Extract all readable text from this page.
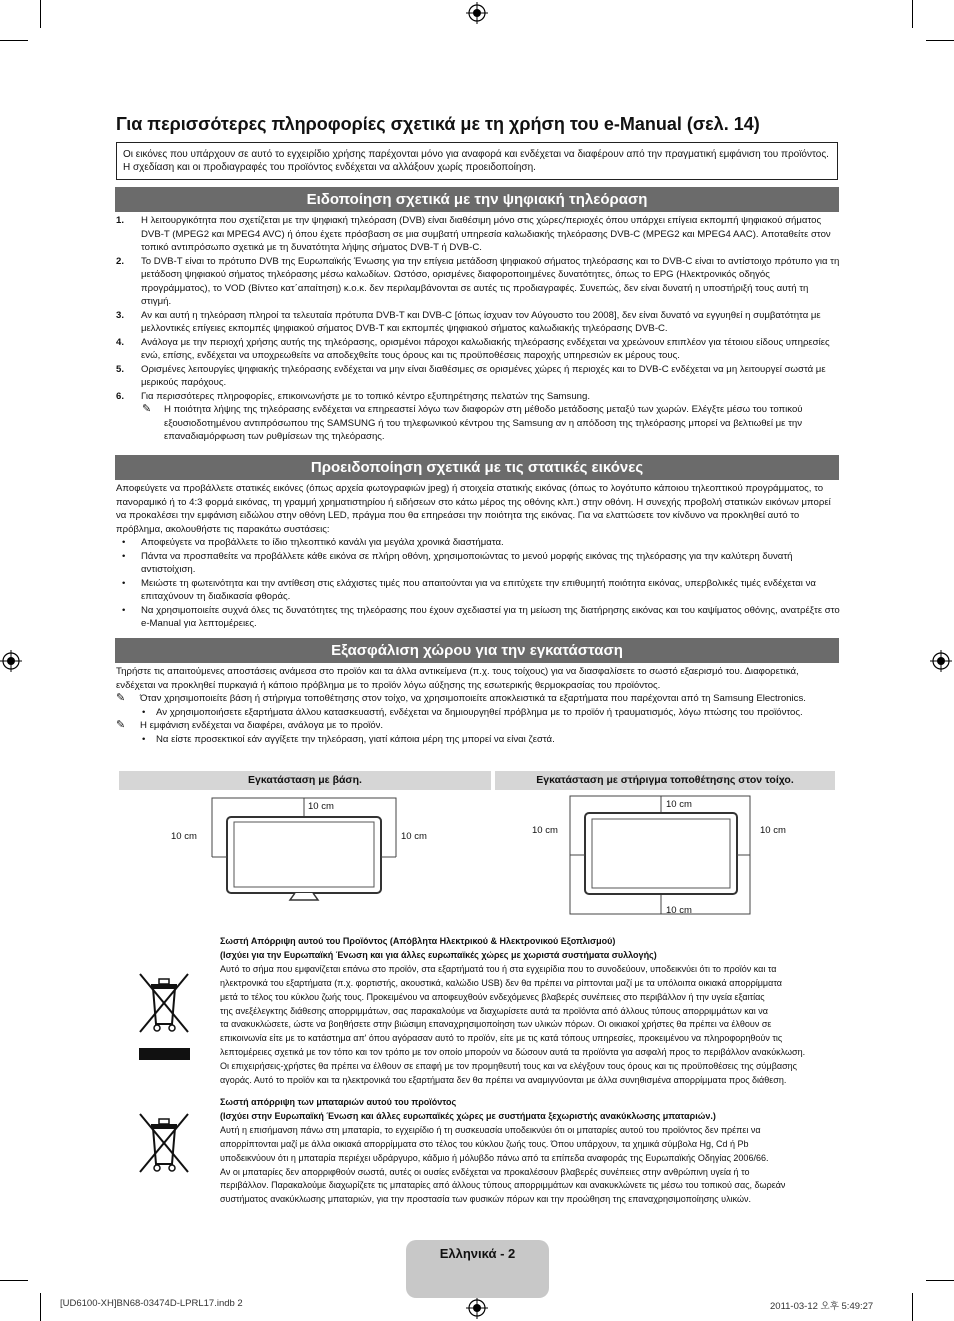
Για περισσότερες πληροφορίες σχετικά με τη χρήση του e-Manual (σελ. 14)
Οι εικόνες που υπάρχουν σε αυτό το εγχειρίδιο χρήσης παρέχονται μόνο για αναφορά και ενδέχεται να διαφέρουν από την πραγματική εμφάνιση του προϊόντος. Η σχεδίαση και οι προδιαγραφές του προϊόντος ενδέχεται να αλλάξουν χωρίς προειδοποίηση.
Ειδοποίηση σχετικά με την ψηφιακή τηλεόραση
1. Η λειτουργικότητα που σχετίζεται με την ψηφιακή τηλεόραση (DVB) είναι διαθέσιμη μόνο στις χώρες/περιοχές όπου υπάρχει επίγεια εκπομπή ψηφιακού σήματος DVB-T (MPEG2 και MPEG4 AVC) ή όπου έχετε πρόσβαση σε μια συμβατή υπηρεσία καλωδιακής τηλεόρασης DVB-C (MPEG2 και MPEG4 AAC). Αποταθείτε στον τοπικό αντιπρόσωπο σχετικά με τη δυνατότητα λήψης σήματος DVB-T ή DVB-C.
2. Το DVB-T είναι το πρότυπο DVB της Ευρωπαϊκής Ένωσης για την επίγεια μετάδοση ψηφιακού σήματος τηλεόρασης και το DVB-C είναι το αντίστοιχο πρότυπο για τη μετάδοση ψηφιακού σήματος τηλεόρασης μέσω καλωδίων. Ωστόσο, ορισμένες διαφοροποιημένες δυνατότητες, όπως το EPG (Ηλεκτρονικός οδηγός προγράμματος), το VOD (Βίντεο κατ΄απαίτηση) κ.ο.κ. δεν περιλαμβάνονται σε αυτές τις προδιαγραφές. Συνεπώς, δεν είναι δυνατή η υποστήριξή τους αυτή τη στιγμή.
3. Αν και αυτή η τηλεόραση πληροί τα τελευταία πρότυπα DVB-T και DVB-C [όπως ίσχυαν τον Αύγουστο του 2008], δεν είναι δυνατό να εγγυηθεί η συμβατότητα με μελλοντικές επίγειες εκπομπές ψηφιακού σήματος DVB-T και εκπομπές ψηφιακού σήματος καλωδιακής τηλεόρασης DVB-C.
4. Ανάλογα με την περιοχή χρήσης αυτής της τηλεόρασης, ορισμένοι πάροχοι καλωδιακής τηλεόρασης ενδέχεται να χρεώνουν επιπλέον για τέτοιου είδους υπηρεσίες ενώ, επίσης, ενδέχεται να υποχρεωθείτε να αποδεχθείτε τους όρους και τις προϋποθέσεις παροχής υπηρεσιών εκ μέρους τους.
5. Ορισμένες λειτουργίες ψηφιακής τηλεόρασης ενδέχεται να μην είναι διαθέσιμες σε ορισμένες χώρες ή περιοχές και το DVB-C ενδέχεται να μη λειτουργεί σωστά με μερικούς παρόχους.
6. Για περισσότερες πληροφορίες, επικοινωνήστε με το τοπικό κέντρο εξυπηρέτησης πελατών της Samsung.
✎ Η ποιότητα λήψης της τηλεόρασης ενδέχεται να επηρεαστεί λόγω των διαφορών στη μέθοδο μετάδοσης μεταξύ των χωρών. Ελέγξτε μέσω του τοπικού εξουσιοδοτημένου αντιπρόσωπου της SAMSUNG ή του τηλεφωνικού κέντρου της Samsung αν η απόδοση της τηλεόρασης μπορεί να βελτιωθεί με την επαναδιαμόρφωση των ρυθμίσεων της τηλεόρασης.
Προειδοποίηση σχετικά με τις στατικές εικόνες
Αποφεύγετε να προβάλλετε στατικές εικόνες (όπως αρχεία φωτογραφιών jpeg) ή στοιχεία στατικής εικόνας (όπως το λογότυπο κάποιου τηλεοπτικού προγράμματος, το πανοραμικό ή το 4:3 φορμά εικόνας, τη γραμμή χρηματιστηρίου ή ειδήσεων στο κάτω μέρος της οθόνης κλπ.) στην οθόνη. Η συνεχής προβολή στατικών εικόνων μπορεί να προκαλέσει την εμφάνιση ειδώλου στην οθόνη LED, πράγμα που θα επηρεάσει την ποιότητα της εικόνας. Για να ελαττώσετε τον κίνδυνο να προκληθεί αυτό το πρόβλημα, ακολουθήστε τις παρακάτω συστάσεις:
• Αποφεύγετε να προβάλλετε το ίδιο τηλεοπτικό κανάλι για μεγάλα χρονικά διαστήματα.
• Πάντα να προσπαθείτε να προβάλλετε κάθε εικόνα σε πλήρη οθόνη, χρησιμοποιώντας το μενού μορφής εικόνας της τηλεόρασης για την καλύτερη δυνατή αντιστοίχιση.
• Μειώστε τη φωτεινότητα και την αντίθεση στις ελάχιστες τιμές που απαιτούνται για να επιτύχετε την επιθυμητή ποιότητα εικόνας, υπερβολικές τιμές ενδέχεται να επιταχύνουν τη διαδικασία φθοράς.
• Να χρησιμοποιείτε συχνά όλες τις δυνατότητες της τηλεόρασης που έχουν σχεδιαστεί για τη μείωση της διατήρησης εικόνας και του καψίματος οθόνης, ανατρέξτε στο e-Manual για λεπτομέρειες.
Εξασφάλιση χώρου για την εγκατάσταση
Τηρήστε τις απαιτούμενες αποστάσεις ανάμεσα στο προϊόν και τα άλλα αντικείμενα (π.χ. τους τοίχους) για να διασφαλίσετε το σωστό εξαερισμό του. Διαφορετικά, ενδέχεται να προκληθεί πυρκαγιά ή κάποιο πρόβλημα με το προϊόν λόγω αύξησης της εσωτερικής θερμοκρασίας του προϊόντος.
✎ Όταν χρησιμοποιείτε βάση ή στήριγμα τοποθέτησης στον τοίχο, να χρησιμοποιείτε αποκλειστικά τα εξαρτήματα που παρέχονται από τη Samsung Electronics.
• Αν χρησιμοποιήσετε εξαρτήματα άλλου κατασκευαστή, ενδέχεται να δημιουργηθεί πρόβλημα με το προϊόν ή τραυματισμός, λόγω πτώσης του προϊόντος.
✎ Η εμφάνιση ενδέχεται να διαφέρει, ανάλογα με το προϊόν.
• Να είστε προσεκτικοί εάν αγγίξετε την τηλεόραση, γιατί κάποια μέρη της μπορεί να είναι ζεστά.
Εγκατάσταση με βάση.	Εγκατάσταση με στήριγμα τοποθέτησης στον τοίχο.
10 cm
10 cm	10 cm
10 cm
10 cm	10 cm
10 cm
Σωστή Απόρριψη αυτού του Προϊόντος (Απόβλητα Ηλεκτρικού & Ηλεκτρονικού Εξοπλισμού)
(Ισχύει για την Ευρωπαϊκή Ένωση και για άλλες ευρωπαϊκές χώρες με χωριστά συστήματα συλλογής)
Αυτό το σήμα που εμφανίζεται επάνω στο προϊόν, στα εξαρτήματά του ή στα εγχειρίδια που το συνοδεύουν, υποδεικνύει ότι το προϊόν και τα
ηλεκτρονικά του εξαρτήματα (π.χ. φορτιστής, ακουστικά, καλώδιο USB) δεν θα πρέπει να ρίπτονται μαζί με τα υπόλοιπα οικιακά απορρίμματα
μετά το τέλος του κύκλου ζωής τους. Προκειμένου να αποφευχθούν ενδεχόμενες βλαβερές συνέπειες στο περιβάλλον ή την υγεία εξαιτίας
της ανεξέλεγκτης διάθεσης απορριμμάτων, σας παρακαλούμε να διαχωρίσετε αυτά τα προϊόντα από άλλους τύπους απορριμμάτων και να
τα ανακυκλώσετε, ώστε να βοηθήσετε στην βιώσιμη επαναχρησιμοποίηση των υλικών πόρων. Οι οικιακοί χρήστες θα πρέπει να έλθουν σε
επικοινωνία είτε με το κατάστημα απ' όπου αγόρασαν αυτό το προϊόν, είτε με τις κατά τόπους υπηρεσίες, προκειμένου να πληροφορηθούν τις
λεπτομέρειες σχετικά με τον τόπο και τον τρόπο με τον οποίο μπορούν να δώσουν αυτά τα προϊόντα για ασφαλή προς το περιβάλλον ανακύκλωση.
Οι επιχειρήσεις-χρήστες θα πρέπει να έλθουν σε επαφή με τον προμηθευτή τους και να ελέγξουν τους όρους και τις προϋποθέσεις της σύμβασης
αγοράς. Αυτό το προϊόν και τα ηλεκτρονικά του εξαρτήματα δεν θα πρέπει να αναμιγνύονται με άλλα συνηθισμένα απορρίμματα προς διάθεση.
Σωστή απόρριψη των μπαταριών αυτού του προϊόντος
(Ισχύει στην Ευρωπαϊκή Ένωση και άλλες ευρωπαϊκές χώρες με συστήματα ξεχωριστής ανακύκλωσης μπαταριών.)
Αυτή η επισήμανση πάνω στη μπαταρία, το εγχειρίδιο ή τη συσκευασία υποδεικνύει ότι οι μπαταρίες αυτού του προϊόντος δεν πρέπει να
απορρίπτονται μαζί με άλλα οικιακά απορρίμματα στο τέλος του κύκλου ζωής τους. Όπου υπάρχουν, τα χημικά σύμβολα Hg, Cd ή Pb
υποδεικνύουν ότι η μπαταρία περιέχει υδράργυρο, κάδμιο ή μόλυβδο πάνω από τα επίπεδα αναφοράς της Ευρωπαϊκής Οδηγίας 2006/66.
Αν οι μπαταρίες δεν απορριφθούν σωστά, αυτές οι ουσίες ενδέχεται να προκαλέσουν βλαβερές συνέπειες στην ανθρώπινη υγεία ή το
περιβάλλον. Παρακαλούμε διαχωρίζετε τις μπαταρίες από άλλους τύπους απορριμμάτων και ανακυκλώνετε τις μέσω του τοπικού σας, δωρεάν
συστήματος ανακύκλωσης μπαταριών, για την προστασία των φυσικών πόρων και την προώθηση της επαναχρησιμοποίησης υλικών.
Ελληνικά - 2
[UD6100-XH]BN68-03474D-LPRL17.indb 2	2011-03-12 오후 5:49:27
